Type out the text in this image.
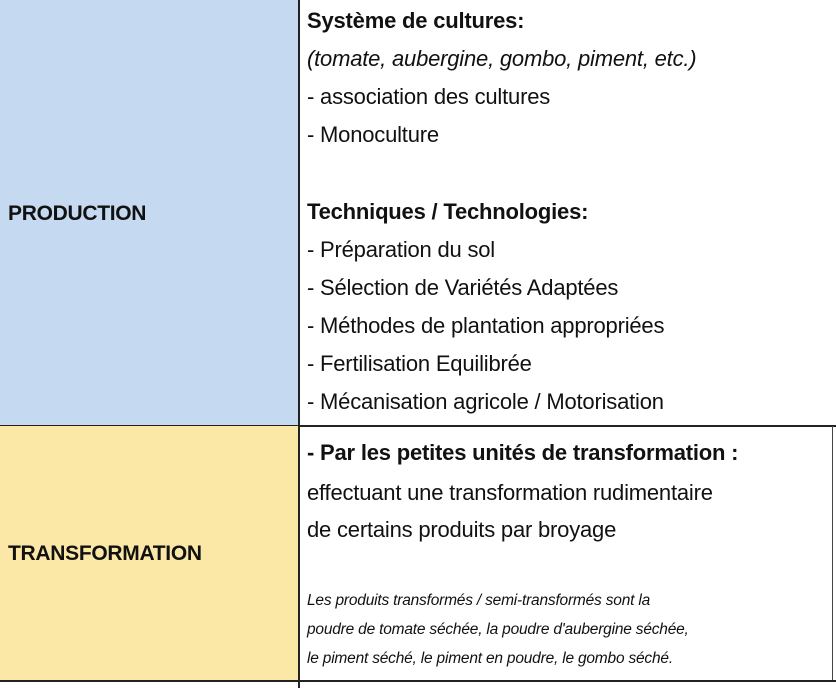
PRODUCTION
Système de cultures:
(tomate, aubergine, gombo, piment, etc.)
- association des cultures
- Monoculture
Techniques / Technologies:
- Préparation du sol
- Sélection de Variétés Adaptées
- Méthodes de plantation appropriées
- Fertilisation Equilibrée
- Mécanisation agricole / Motorisation
TRANSFORMATION
- Par les petites unités de transformation :
effectuant une transformation rudimentaire
de certains produits par broyage
Les produits transformés / semi-transformés sont la
poudre de tomate séchée, la poudre d'aubergine séchée,
le piment séché, le piment en poudre, le gombo séché.
